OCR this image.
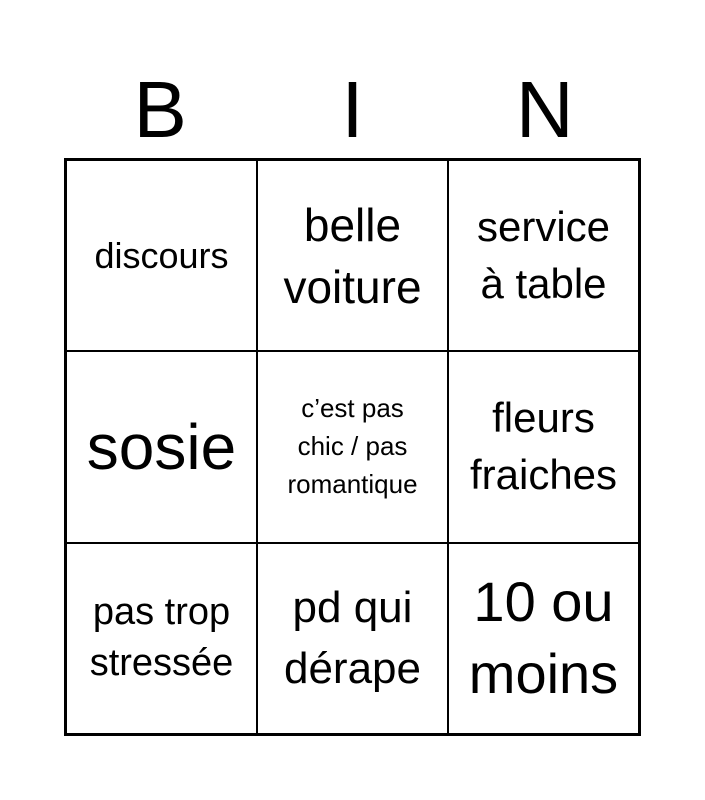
B	I	N
discours
belle
voiture
service
à table
sosie
c’est pas
chic / pas
romantique
fleurs
fraiches
pas trop
stressée
pd qui
dérape
10 ou
moins
